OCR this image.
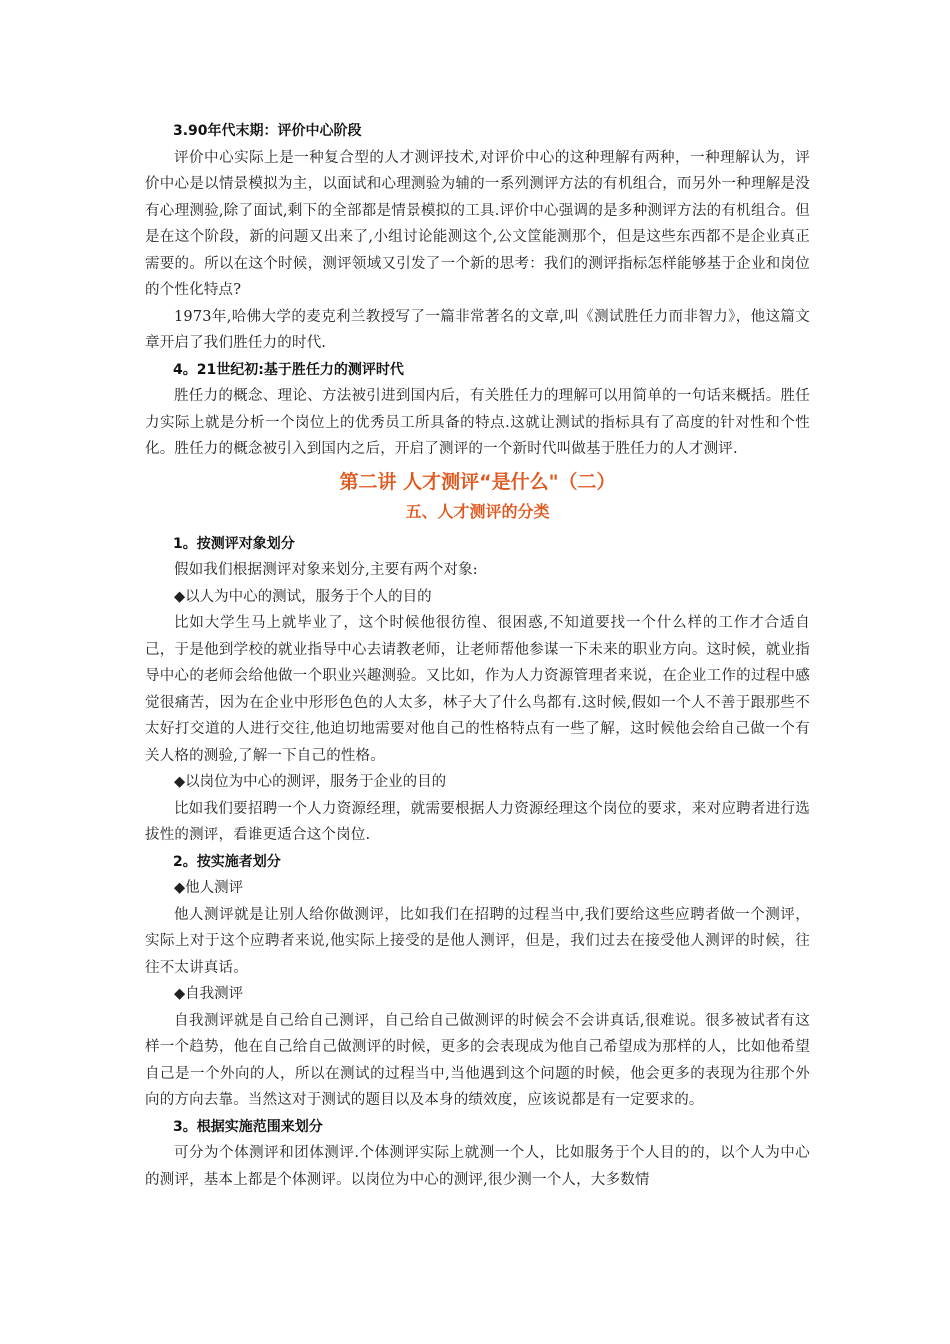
3.90年代末期：评价中心阶段

评价中心实际上是一种复合型的人才测评技术,对评价中心的这种理解有两种，一种理解认为，评价中心是以情景模拟为主，以面试和心理测验为辅的一系列测评方法的有机组合，而另外一种理解是没有心理测验,除了面试,剩下的全部都是情景模拟的工具.评价中心强调的是多种测评方法的有机组合。但是在这个阶段，新的问题又出来了,小组讨论能测这个,公文筐能测那个，但是这些东西都不是企业真正需要的。所以在这个时候，测评领域又引发了一个新的思考：我们的测评指标怎样能够基于企业和岗位的个性化特点?

1973年,哈佛大学的麦克利兰教授写了一篇非常著名的文章,叫《测试胜任力而非智力》，他这篇文章开启了我们胜任力的时代.

4。21世纪初:基于胜任力的测评时代

胜任力的概念、理论、方法被引进到国内后，有关胜任力的理解可以用简单的一句话来概括。胜任力实际上就是分析一个岗位上的优秀员工所具备的特点.这就让测试的指标具有了高度的针对性和个性化。胜任力的概念被引入到国内之后，开启了测评的一个新时代叫做基于胜任力的人才测评.

第二讲 人才测评“是什么"（二）
五、人才测评的分类

1。按测评对象划分

假如我们根据测评对象来划分,主要有两个对象:

◆以人为中心的测试，服务于个人的目的

比如大学生马上就毕业了，这个时候他很彷徨、很困惑,不知道要找一个什么样的工作才合适自己，于是他到学校的就业指导中心去请教老师，让老师帮他参谋一下未来的职业方向。这时候，就业指导中心的老师会给他做一个职业兴趣测验。又比如，作为人力资源管理者来说，在企业工作的过程中感觉很痛苦，因为在企业中形形色色的人太多，林子大了什么鸟都有.这时候,假如一个人不善于跟那些不太好打交道的人进行交往,他迫切地需要对他自己的性格特点有一些了解，这时候他会给自己做一个有关人格的测验,了解一下自己的性格。

◆以岗位为中心的测评，服务于企业的目的

比如我们要招聘一个人力资源经理，就需要根据人力资源经理这个岗位的要求，来对应聘者进行选拔性的测评，看谁更适合这个岗位.

2。按实施者划分

◆他人测评

他人测评就是让别人给你做测评，比如我们在招聘的过程当中,我们要给这些应聘者做一个测评，实际上对于这个应聘者来说,他实际上接受的是他人测评，但是，我们过去在接受他人测评的时候，往往不太讲真话。

◆自我测评

自我测评就是自己给自己测评，自己给自己做测评的时候会不会讲真话,很难说。很多被试者有这样一个趋势，他在自己给自己做测评的时候，更多的会表现成为他自己希望成为那样的人，比如他希望自己是一个外向的人，所以在测试的过程当中,当他遇到这个问题的时候，他会更多的表现为往那个外向的方向去靠。当然这对于测试的题目以及本身的绩效度，应该说都是有一定要求的。

3。根据实施范围来划分

可分为个体测评和团体测评.个体测评实际上就测一个人，比如服务于个人目的的，以个人为中心的测评，基本上都是个体测评。以岗位为中心的测评,很少测一个人，大多数情
